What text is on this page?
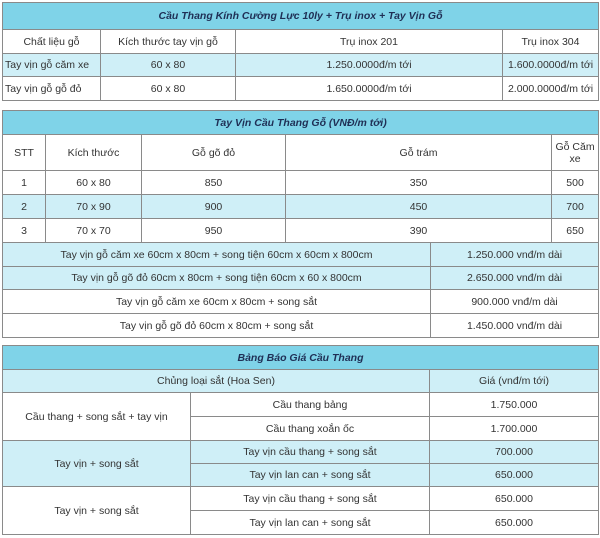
Cầu Thang Kính Cường Lực 10ly + Trụ inox + Tay Vịn Gỗ			
Chất liệu gỗ	Kích thước tay vịn gỗ	Trụ inox 201	Trụ inox 304
Tay vịn gỗ căm xe	60 x 80	1.250.0000đ/m tới	1.600.0000đ/m tới
Tay vịn gỗ gỗ đỏ	60 x 80	1.650.0000đ/m tới	2.000.0000đ/m tới
Tay Vịn Cầu Thang Gỗ (VNĐ/m tới)					
STT	Kích thước	Gỗ gõ đỏ	Gỗ trám		Gỗ Căm xe
1	60 x 80	850	350		500
2	70 x 90	900	450		700
3	70 x 70	950	390		650
Tay vịn gỗ căm xe 60cm x 80cm + song tiện 60cm x 60cm x 800cm				1.250.000 vnđ/m dài	
Tay vịn gỗ gõ đỏ 60cm x 80cm + song tiện 60cm x 60 x 800cm				2.650.000 vnđ/m dài	
Tay vịn gỗ căm xe 60cm x 80cm + song sắt				900.000 vnđ/m dài	
Tay vịn gỗ gõ đỏ 60cm x 80cm + song sắt				1.450.000 vnđ/m dài	
Bảng Báo Giá Cầu Thang		
Chủng loại sắt (Hoa Sen)		Giá (vnđ/m tới)
Cầu thang + song sắt + tay vịn	Cầu thang bảng	1.750.000
	Cầu thang xoắn ốc	1.700.000
Tay vịn + song sắt	Tay vịn cầu thang + song sắt	700.000
	Tay vịn lan can + song sắt	650.000
Tay vịn + song sắt	Tay vịn cầu thang + song sắt	650.000
	Tay vịn lan can + song sắt	650.000
